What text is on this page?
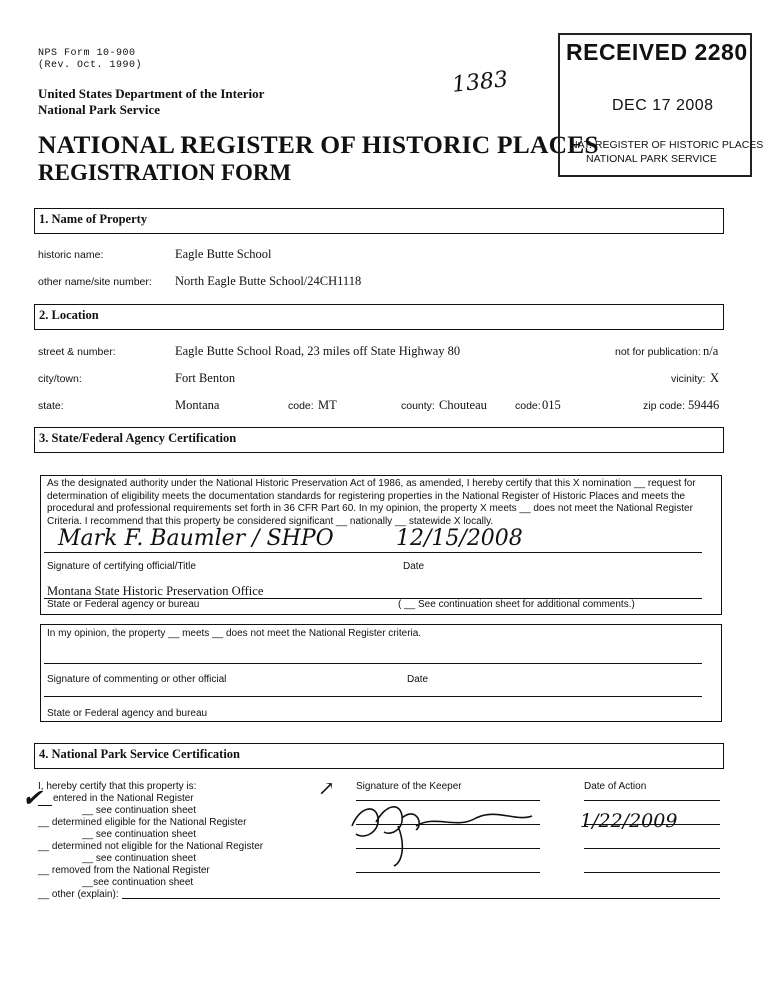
NPS Form 10-900
(Rev. Oct. 1990)
United States Department of the Interior
National Park Service
1383
NATIONAL REGISTER OF HISTORIC PLACES
REGISTRATION FORM
RECEIVED 2280
DEC 17 2008
NAT. REGISTER OF HISTORIC PLACES
NATIONAL PARK SERVICE
1. Name of Property
historic name:	Eagle Butte School
other name/site number: North Eagle Butte School/24CH1118
2. Location
street & number:	Eagle Butte School Road, 23 miles off State Highway 80	not for publication: n/a
city/town:	Fort Benton	vicinity: X
state:	Montana	code: MT	county: Chouteau	code: 015	zip code: 59446
3. State/Federal Agency Certification
As the designated authority under the National Historic Preservation Act of 1986, as amended, I hereby certify that this X nomination __ request for
determination of eligibility meets the documentation standards for registering properties in the National Register of Historic Places and meets the
procedural and professional requirements set forth in 36 CFR Part 60. In my opinion, the property X meets __ does not meet the National Register
Criteria. I recommend that this property be considered significant __ nationally __ statewide X locally.
Mark F. Baumler / SHPO	12/15/2008
Signature of certifying official/Title	Date
Montana State Historic Preservation Office
State or Federal agency or bureau	( __ See continuation sheet for additional comments.)
In my opinion, the property __ meets __ does not meet the National Register criteria.
Signature of commenting or other official	Date
State or Federal agency and bureau
4. National Park Service Certification
I, hereby certify that this property is:
✔ entered in the National Register
__ see continuation sheet
__ determined eligible for the National Register
__ see continuation sheet
__ determined not eligible for the National Register
__ see continuation sheet
__ removed from the National Register
__see continuation sheet
__ other (explain):
↗ Signature of the Keeper	Date of Action
1/22/2009
